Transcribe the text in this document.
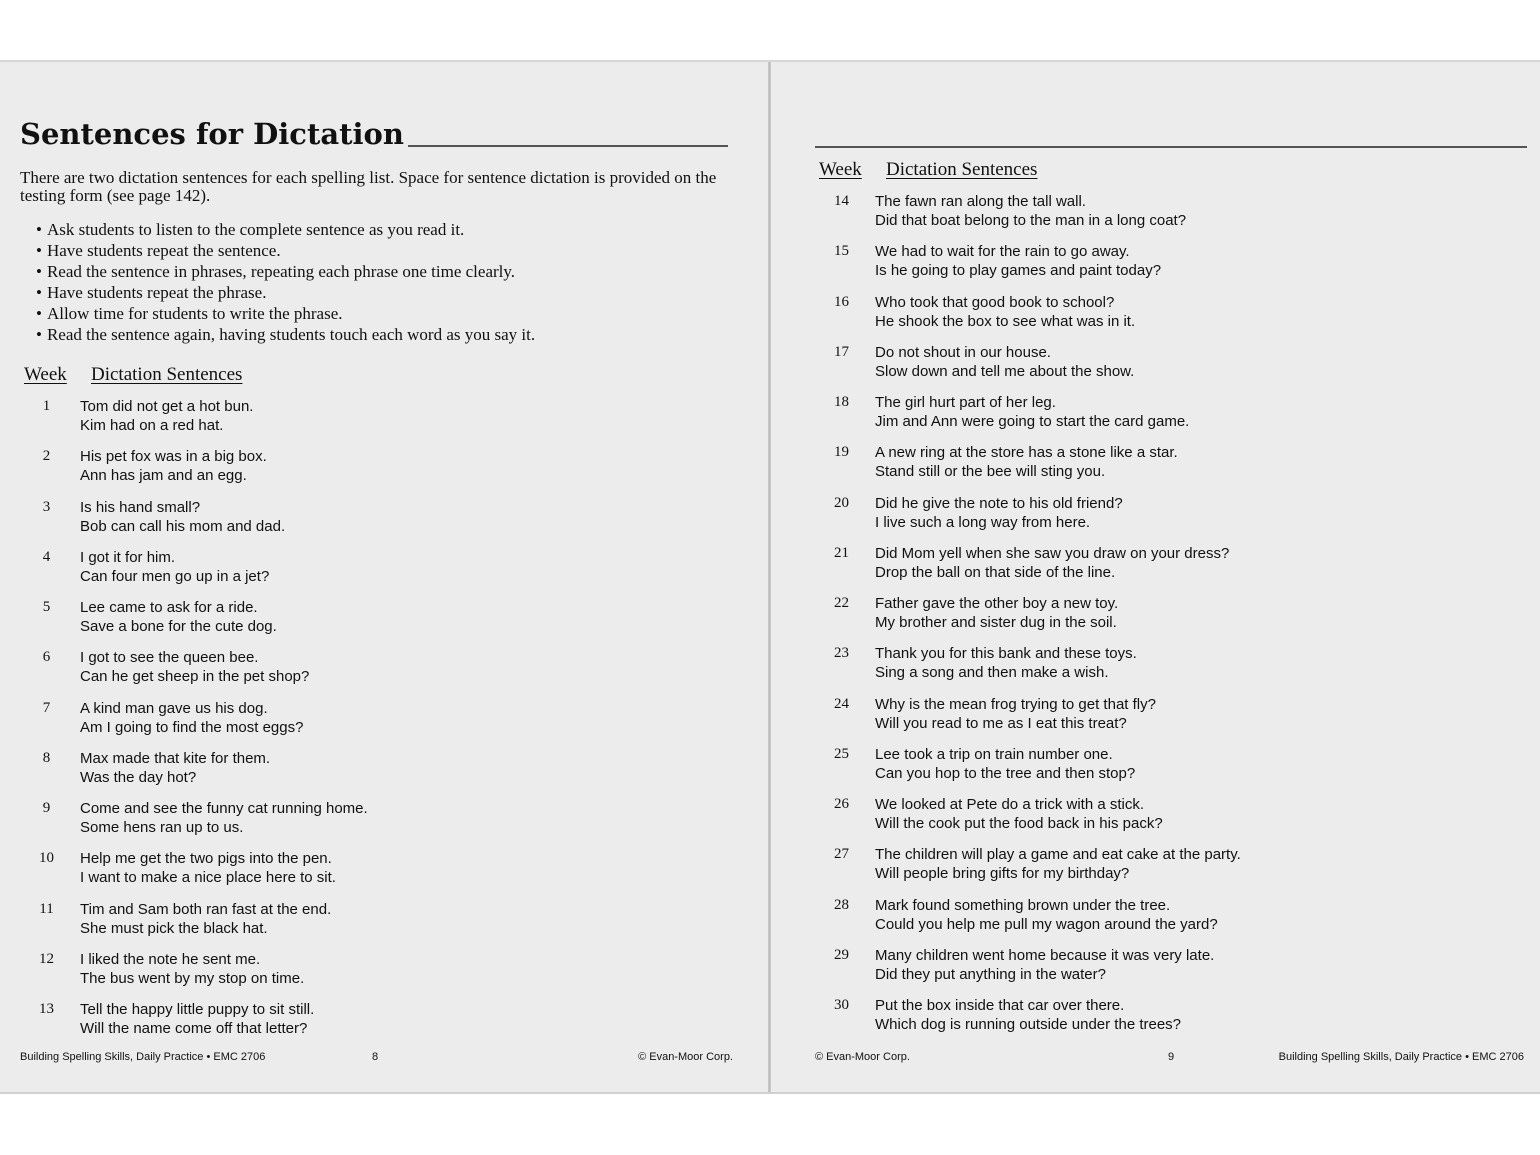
Sentences for Dictation
There are two dictation sentences for each spelling list. Space for sentence dictation is provided on the testing form (see page 142).
• Ask students to listen to the complete sentence as you read it.
• Have students repeat the sentence.
• Read the sentence in phrases, repeating each phrase one time clearly.
• Have students repeat the phrase.
• Allow time for students to write the phrase.
• Read the sentence again, having students touch each word as you say it.
Week	Dictation Sentences
1	Tom did not get a hot bun.
Kim had on a red hat.
2	His pet fox was in a big box.
Ann has jam and an egg.
3	Is his hand small?
Bob can call his mom and dad.
4	I got it for him.
Can four men go up in a jet?
5	Lee came to ask for a ride.
Save a bone for the cute dog.
6	I got to see the queen bee.
Can he get sheep in the pet shop?
7	A kind man gave us his dog.
Am I going to find the most eggs?
8	Max made that kite for them.
Was the day hot?
9	Come and see the funny cat running home.
Some hens ran up to us.
10	Help me get the two pigs into the pen.
I want to make a nice place here to sit.
11	Tim and Sam both ran fast at the end.
She must pick the black hat.
12	I liked the note he sent me.
The bus went by my stop on time.
13	Tell the happy little puppy to sit still.
Will the name come off that letter?
Building Spelling Skills, Daily Practice • EMC 2706	8	© Evan-Moor Corp.
Week	Dictation Sentences
14	The fawn ran along the tall wall.
Did that boat belong to the man in a long coat?
15	We had to wait for the rain to go away.
Is he going to play games and paint today?
16	Who took that good book to school?
He shook the box to see what was in it.
17	Do not shout in our house.
Slow down and tell me about the show.
18	The girl hurt part of her leg.
Jim and Ann were going to start the card game.
19	A new ring at the store has a stone like a star.
Stand still or the bee will sting you.
20	Did he give the note to his old friend?
I live such a long way from here.
21	Did Mom yell when she saw you draw on your dress?
Drop the ball on that side of the line.
22	Father gave the other boy a new toy.
My brother and sister dug in the soil.
23	Thank you for this bank and these toys.
Sing a song and then make a wish.
24	Why is the mean frog trying to get that fly?
Will you read to me as I eat this treat?
25	Lee took a trip on train number one.
Can you hop to the tree and then stop?
26	We looked at Pete do a trick with a stick.
Will the cook put the food back in his pack?
27	The children will play a game and eat cake at the party.
Will people bring gifts for my birthday?
28	Mark found something brown under the tree.
Could you help me pull my wagon around the yard?
29	Many children went home because it was very late.
Did they put anything in the water?
30	Put the box inside that car over there.
Which dog is running outside under the trees?
© Evan-Moor Corp.	9	Building Spelling Skills, Daily Practice • EMC 2706
